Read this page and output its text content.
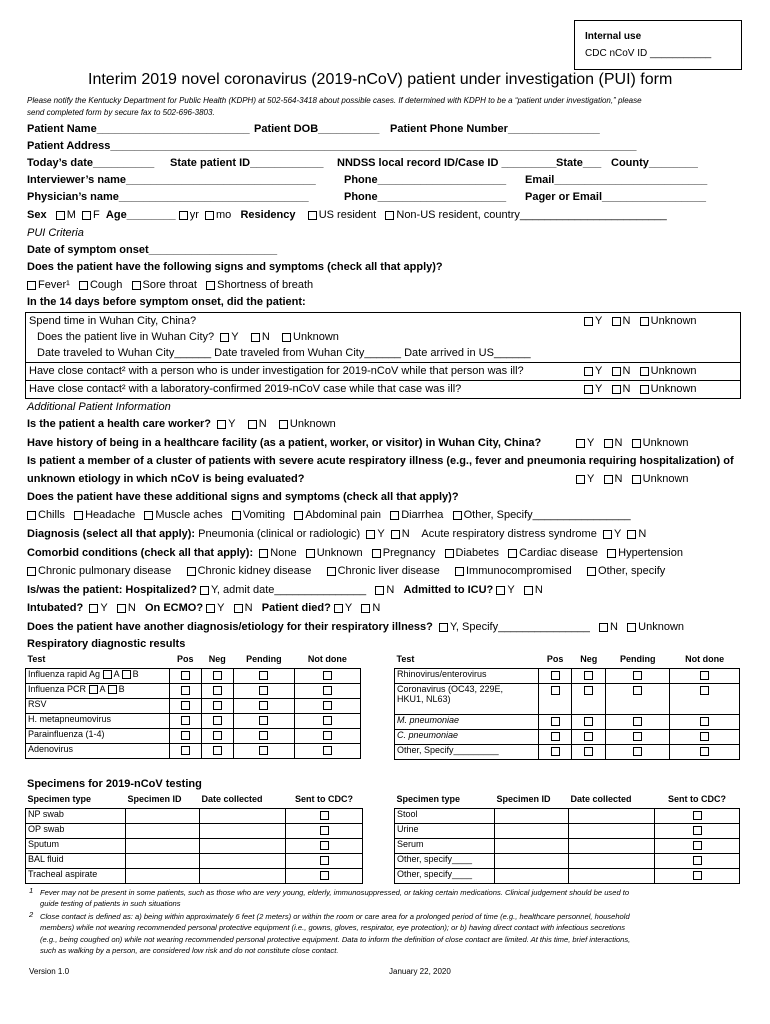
Internal use
CDC nCoV ID ___________
Interim 2019 novel coronavirus (2019-nCoV) patient under investigation (PUI) form
Please notify the Kentucky Department for Public Health (KDPH) at 502-564-3418 about possible cases. If determined with KDPH to be a “patient under investigation,” please
send completed form by secure fax to 502-696-3803.
Patient Name_________________________ Patient DOB__________ Patient Phone Number_______________
Patient Address______________________________________________________________________________________
Today’s date__________ State patient ID____________ NNDSS local record ID/Case ID _________ State___ County________
Interviewer’s name_______________________________	Phone_____________________ Email_________________________
Physician’s name_______________________________	Phone_____________________ Pager or Email_________________
Sex M F Age________ yr mo Residency US resident Non-US resident, country________________________
PUI Criteria
Date of symptom onset_____________________
Does the patient have the following signs and symptoms (check all that apply)?
Fever¹ Cough Sore throat Shortness of breath
In the 14 days before symptom onset, did the patient:
Spend time in Wuhan City, China?	Y N Unknown
Does the patient live in Wuhan City? Y N Unknown
Date traveled to Wuhan City______ Date traveled from Wuhan City______ Date arrived in US______
Have close contact² with a person who is under investigation for 2019-nCoV while that person was ill?	Y N Unknown
Have close contact² with a laboratory-confirmed 2019-nCoV case while that case was ill?	Y N Unknown
Additional Patient Information
Is the patient a health care worker? Y N Unknown
Have history of being in a healthcare facility (as a patient, worker, or visitor) in Wuhan City, China?	Y N Unknown
Is patient a member of a cluster of patients with severe acute respiratory illness (e.g., fever and pneumonia requiring hospitalization) of
unknown etiology in which nCoV is being evaluated?	Y N Unknown
Does the patient have these additional signs and symptoms (check all that apply)?
Chills Headache Muscle aches Vomiting Abdominal pain Diarrhea Other, Specify________________
Diagnosis (select all that apply): Pneumonia (clinical or radiologic) Y N Acute respiratory distress syndrome Y N
Comorbid conditions (check all that apply): None Unknown Pregnancy Diabetes Cardiac disease Hypertension
Chronic pulmonary disease Chronic kidney disease Chronic liver disease Immunocompromised Other, specify
Is/was the patient: Hospitalized? Y, admit date_______________ N Admitted to ICU? Y N
Intubated? Y N On ECMO? Y N Patient died? Y N
Does the patient have another diagnosis/etiology for their respiratory illness? Y, Specify_______________ N Unknown
Respiratory diagnostic results
Test	Pos	Neg	Pending	Not done
Influenza rapid Ag A B				
Influenza PCR A B				
RSV				
H. metapneumovirus				
Parainfluenza (1-4)				
Adenovirus				
Test	Pos	Neg	Pending	Not done
Rhinovirus/enterovirus				
Coronavirus (OC43, 229E,
HKU1, NL63)				
M. pneumoniae				
C. pneumoniae				
Other, Specify_________				
Specimens for 2019-nCoV testing
Specimen type	Specimen ID	Date collected	Sent to CDC?
NP swab			
OP swab			
Sputum			
BAL fluid			
Tracheal aspirate			
Specimen type	Specimen ID	Date collected	Sent to CDC?
Stool			
Urine			
Serum			
Other, specify____			
Other, specify____			
1 Fever may not be present in some patients, such as those who are very young, elderly, immunosuppressed, or taking certain medications. Clinical judgement should be used to
guide testing of patients in such situations
2 Close contact is defined as: a) being within approximately 6 feet (2 meters) or within the room or care area for a prolonged period of time (e.g., healthcare personnel, household
members) while not wearing recommended personal protective equipment (i.e., gowns, gloves, respirator, eye protection); or b) having direct contact with infectious secretions
(e.g., being coughed on) while not wearing recommended personal protective equipment. Data to inform the definition of close contact are limited. At this time, brief interactions,
such as walking by a person, are considered low risk and do not constitute close contact.
Version 1.0	January 22, 2020
